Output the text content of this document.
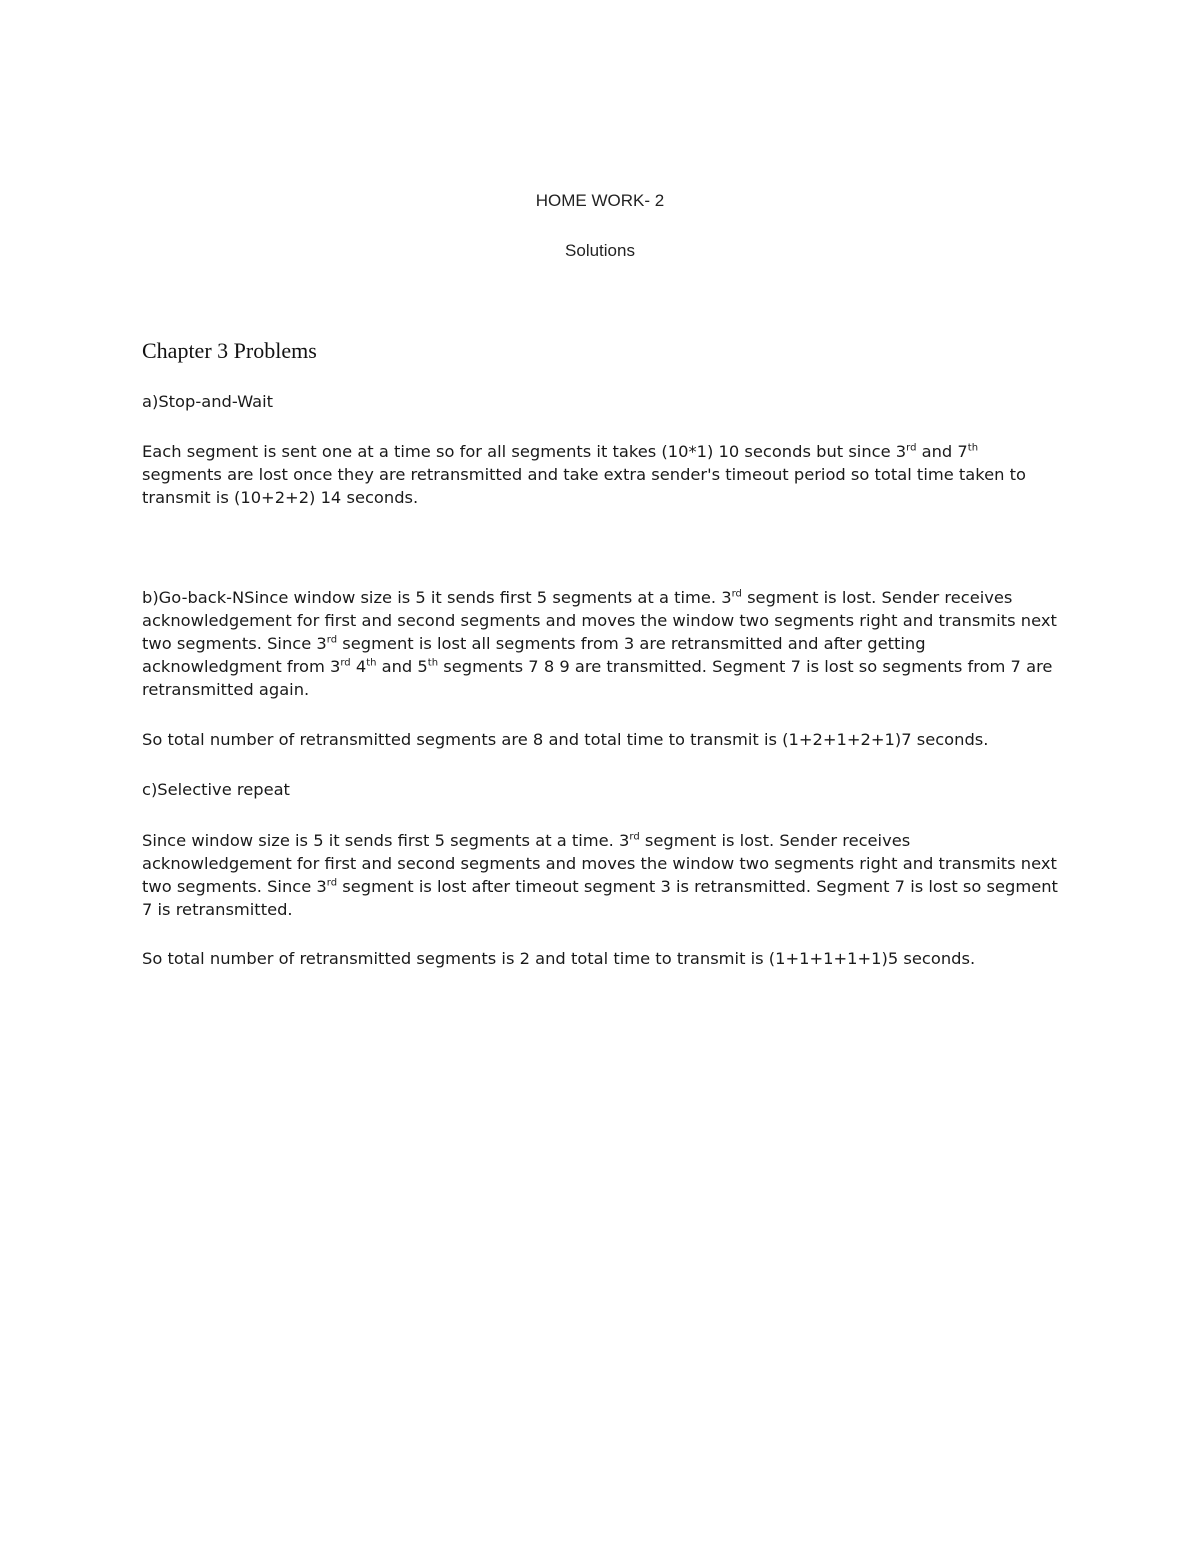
HOME WORK- 2
Solutions
Chapter 3 Problems

a)Stop-and-Wait

Each segment is sent one at a time so for all segments it takes (10*1) 10 seconds but since 3rd and 7th segments are lost once they are retransmitted and take extra sender's timeout period so total time taken to transmit is (10+2+2) 14 seconds.

b)Go-back-NSince window size is 5 it sends first 5 segments at a time. 3rd segment is lost. Sender receives acknowledgement for first and second segments and moves the window two segments right and transmits next two segments. Since 3rd segment is lost all segments from 3 are retransmitted and after getting acknowledgment from 3rd 4th and 5th segments 7 8 9 are transmitted. Segment 7 is lost so segments from 7 are retransmitted again.

So total number of retransmitted segments are 8 and total time to transmit is (1+2+1+2+1)7 seconds.

c)Selective repeat

Since window size is 5 it sends first 5 segments at a time. 3rd segment is lost. Sender receives acknowledgement for first and second segments and moves the window two segments right and transmits next two segments. Since 3rd segment is lost after timeout segment 3 is retransmitted. Segment 7 is lost so segment 7 is retransmitted.

So total number of retransmitted segments is 2 and total time to transmit is (1+1+1+1+1)5 seconds.
